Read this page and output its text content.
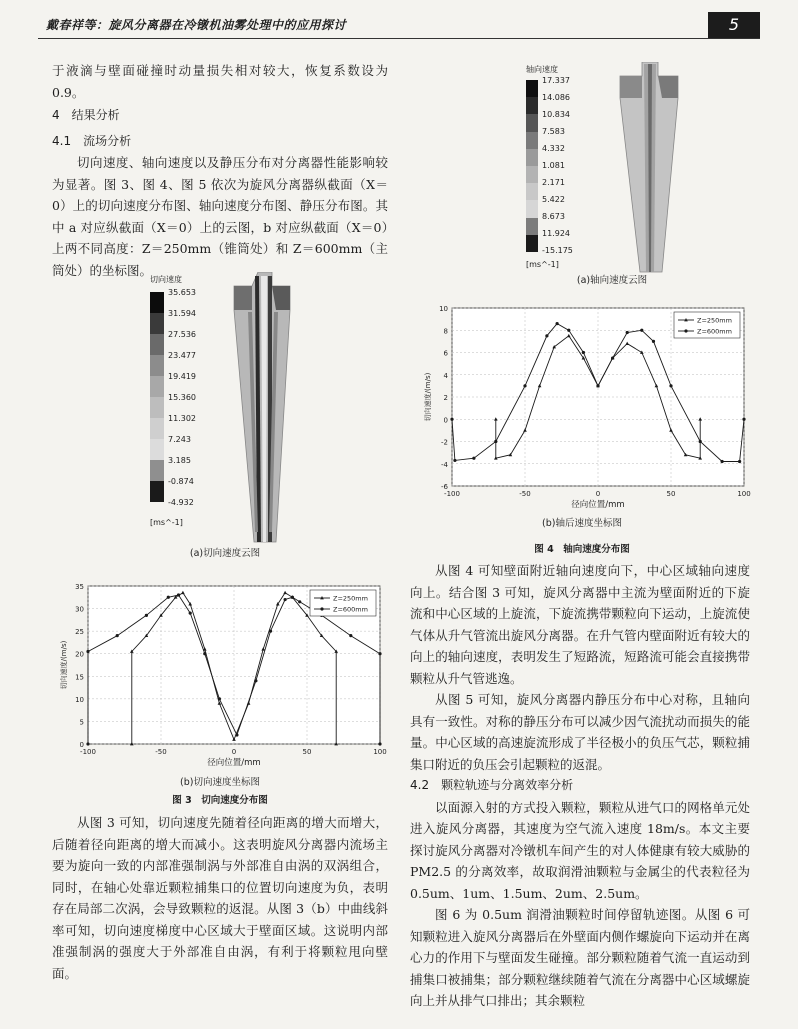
戴春祥等：旋风分离器在冷镦机油雾处理中的应用探讨	5

于液滴与壁面碰撞时动量损失相对较大，恢复系数设为 0.9。

4　结果分析

4.1　流场分析

切向速度、轴向速度以及静压分布对分离器性能影响较为显著。图 3、图 4、图 5 依次为旋风分离器纵截面（X＝0）上的切向速度分布图、轴向速度分布图、静压分布图。其中 a 对应纵截面（X＝0）上的云图，b 对应纵截面（X＝0）上两不同高度：Z＝250mm（锥筒处）和 Z＝600mm（主筒处）的坐标图。

切向速度
35.653
31.594
27.536
23.477
19.419
15.360
11.302
7.243
3.185
-0.874
-4.932
[ms^-1]
(a)切向速度云图
0
5
10
15
20
25
30
35
-100	-50	0	50	100
径向位置/mm
切向速度/(m/s)
Z=250mm
Z=600mm
(b)切向速度坐标图
图 3　切向速度分布图

从图 3 可知，切向速度先随着径向距离的增大而增大，后随着径向距离的增大而减小。这表明旋风分离器内流场主要为旋向一致的内部准强制涡与外部准自由涡的双涡组合，同时，在轴心处靠近颗粒捕集口的位置切向速度为负，表明存在局部二次涡，会导致颗粒的返混。从图 3（b）中曲线斜率可知，切向速度梯度中心区域大于壁面区域。这说明内部准强制涡的强度大于外部准自由涡，有利于将颗粒甩向壁面。

轴向速度
17.337
14.086
10.834
7.583
4.332
1.081
2.171
5.422
8.673
11.924
-15.175
[ms^-1]
(a)轴向速度云图
-6
-4
-2
0
2
4
6
8
10
-100	-50	0	50	100
径向位置/mm
切向速度/(m/s)
Z=250mm
Z=600mm
(b)轴后速度坐标图
图 4　轴向速度分布图

从图 4 可知壁面附近轴向速度向下，中心区域轴向速度向上。结合图 3 可知，旋风分离器中主流为壁面附近的下旋流和中心区域的上旋流，下旋流携带颗粒向下运动，上旋流使气体从升气管流出旋风分离器。在升气管内壁面附近有较大的向上的轴向速度，表明发生了短路流，短路流可能会直接携带颗粒从升气管逃逸。

从图 5 可知，旋风分离器内静压分布中心对称，且轴向具有一致性。对称的静压分布可以减少因气流扰动而损失的能量。中心区域的高速旋流形成了半径极小的负压气芯，颗粒捕集口附近的负压会引起颗粒的返混。

4.2　颗粒轨迹与分离效率分析

以面源入射的方式投入颗粒，颗粒从进气口的网格单元处进入旋风分离器，其速度为空气流入速度 18m/s。本文主要探讨旋风分离器对冷镦机车间产生的对人体健康有较大威胁的 PM2.5 的分离效率，故取润滑油颗粒与金属尘的代表粒径为 0.5um、1um、1.5um、2um、2.5um。

图 6 为 0.5um 润滑油颗粒时间停留轨迹图。从图 6 可知颗粒进入旋风分离器后在外壁面内侧作螺旋向下运动并在离心力的作用下与壁面发生碰撞。部分颗粒随着气流一直运动到捕集口被捕集；部分颗粒继续随着气流在分离器中心区域螺旋向上并从排气口排出；其余颗粒
